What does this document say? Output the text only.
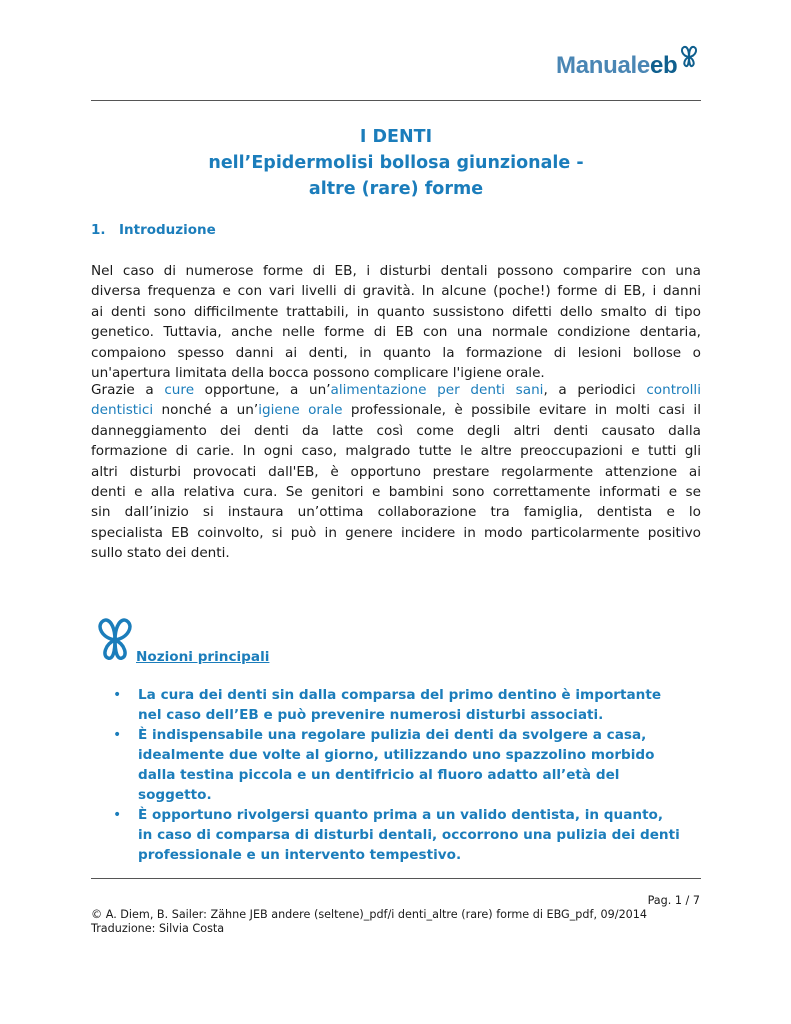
Manualeeb
I DENTI
nell’Epidermolisi bollosa giunzionale -
altre (rare) forme
1. Introduzione
Nel caso di numerose forme di EB, i disturbi dentali possono comparire con una
diversa frequenza e con vari livelli di gravità. In alcune (poche!) forme di EB, i danni
ai denti sono difficilmente trattabili, in quanto sussistono difetti dello smalto di tipo
genetico. Tuttavia, anche nelle forme di EB con una normale condizione dentaria,
compaiono spesso danni ai denti, in quanto la formazione di lesioni bollose o
un'apertura limitata della bocca possono complicare l'igiene orale.
Grazie a cure opportune, a un’alimentazione per denti sani, a periodici controlli
dentistici nonché a un’igiene orale professionale, è possibile evitare in molti casi il
danneggiamento dei denti da latte così come degli altri denti causato dalla
formazione di carie. In ogni caso, malgrado tutte le altre preoccupazioni e tutti gli
altri disturbi provocati dall'EB, è opportuno prestare regolarmente attenzione ai
denti e alla relativa cura. Se genitori e bambini sono correttamente informati e se
sin dall’inizio si instaura un’ottima collaborazione tra famiglia, dentista e lo
specialista EB coinvolto, si può in genere incidere in modo particolarmente positivo
sullo stato dei denti.
Nozioni principali
• La cura dei denti sin dalla comparsa del primo dentino è importante
nel caso dell’EB e può prevenire numerosi disturbi associati.
• È indispensabile una regolare pulizia dei denti da svolgere a casa,
idealmente due volte al giorno, utilizzando uno spazzolino morbido
dalla testina piccola e un dentifricio al fluoro adatto all’età del
soggetto.
• È opportuno rivolgersi quanto prima a un valido dentista, in quanto,
in caso di comparsa di disturbi dentali, occorrono una pulizia dei denti
professionale e un intervento tempestivo.
Pag. 1 / 7
© A. Diem, B. Sailer: Zähne JEB andere (seltene)_pdf/i denti_altre (rare) forme di EBG_pdf, 09/2014
Traduzione: Silvia Costa
